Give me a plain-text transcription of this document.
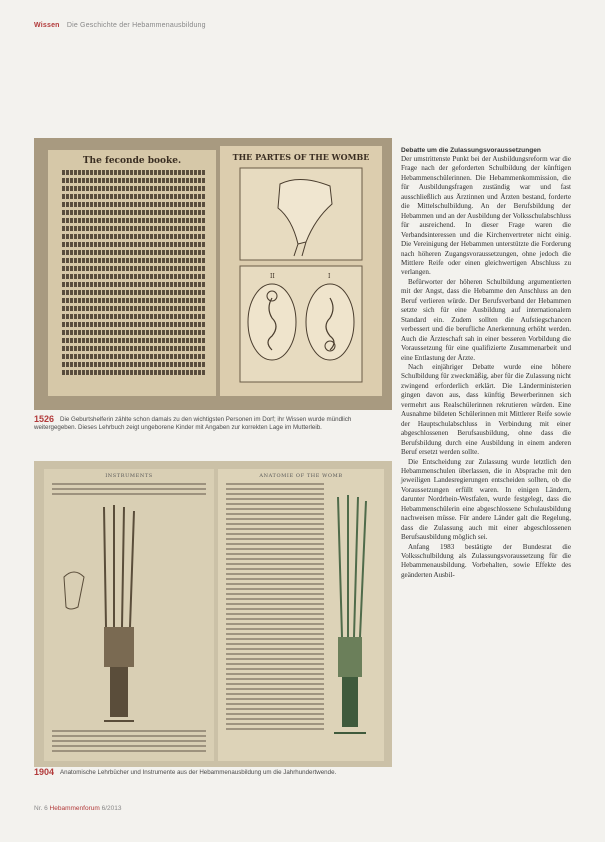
Wissen Die Geschichte der Hebammenausbildung
The feconde booke.	THE PARTES OF THE WOMBE
II	I
1526 Die Geburtshelferin zählte schon damals zu den wichtigsten Personen im Dorf; ihr Wissen wurde mündlich weitergegeben. Dieses Lehrbuch zeigt ungeborene Kinder mit Angaben zur korrekten Lage im Mutterleib.
INSTRUMENTS	ANATOMIE OF THE WOMB
1904 Anatomische Lehrbücher und Instrumente aus der Hebammenausbildung um die Jahrhundertwende.
Debatte um die Zulassungsvoraussetzungen

Der umstrittenste Punkt bei der Ausbildungsreform war die Frage nach der geforderten Schulbildung der künftigen Hebammenschülerinnen. Die Hebammenkommission, die für Ausbildungsfragen zuständig war und fast ausschließlich aus Ärztinnen und Ärzten bestand, forderte die Mittelschulbildung. An der Berufsbildung der Hebammen und an der Ausbildung der Volksschulabschluss für ausreichend. In dieser Frage waren die Verbandsinteressen und die Kirchenvertreter nicht einig. Die Vereinigung der Hebammen unterstützte die Forderung nach höheren Zugangsvoraussetzungen, ohne jedoch die Mittlere Reife oder einen gleichwertigen Abschluss zu verlangen.

Befürworter der höheren Schulbildung argumentierten mit der Angst, dass die Hebamme den Anschluss an den Beruf verlieren würde. Der Berufsverband der Hebammen setzte sich für eine Ausbildung auf internationalem Standard ein. Zudem sollten die Aufstiegschancen verbessert und die berufliche Anerkennung erhöht werden. Auch die Ärzteschaft sah in einer besseren Vorbildung die Voraussetzung für eine qualifizierte Zusammenarbeit und eine Entlastung der Ärzte.

Nach einjähriger Debatte wurde eine höhere Schulbildung für zweckmäßig, aber für die Zulassung nicht zwingend erforderlich erklärt. Die Länderministerien gingen davon aus, dass künftig Bewerberinnen sich vermehrt aus Realschülerinnen rekrutieren würden. Eine Ausnahme bildeten Schülerinnen mit Mittlerer Reife sowie der Hauptschulabschluss in Verbindung mit einer abgeschlossenen Berufsausbildung, ohne dass die Berufsbildung durch eine Ausbildung in einem anderen Beruf ersetzt werden sollte.

Die Entscheidung zur Zulassung wurde letztlich den Hebammenschulen überlassen, die in Absprache mit den jeweiligen Landesregierungen entscheiden sollten, ob die Voraussetzungen erfüllt waren. In einigen Ländern, darunter Nordrhein-Westfalen, wurde festgelegt, dass die Hebammenschülerin eine abgeschlossene Schulausbildung nachweisen müsse. Für andere Länder galt die Regelung, dass die Zulassung auch mit einer abgeschlossenen Berufsausbildung möglich sei.

Anfang 1983 bestätigte der Bundesrat die Volksschulbildung als Zulassungsvoraussetzung für die Hebammenausbildung. Vorbehalten, sowie Effekte des geänderten Ausbil-

Nr. 6 Hebammenforum 6/2013
